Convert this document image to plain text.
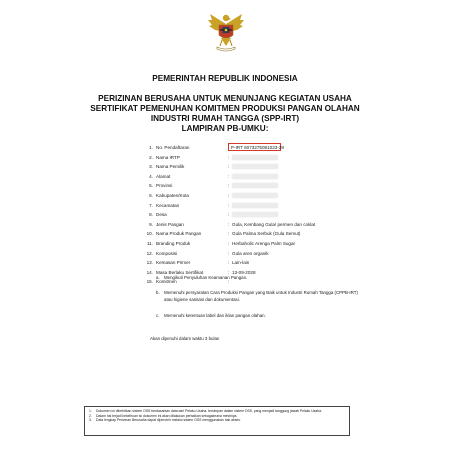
PEMERINTAH REPUBLIK INDONESIA
PERIZINAN BERUSAHA UNTUK MENUNJANG KEGIATAN USAHA
SERTIFIKAT PEMENUHAN KOMITMEN PRODUKSI PANGAN OLAHAN
INDUSTRI RUMAH TANGGA (SPP-IRT)
LAMPIRAN PB-UMKU:
1. No. Pendaftaran	: P-IRT 6073275081023-28
2. Nama IRTP	:
3. Nama Pemilik	:
4. Alamat	:
5. Provinsi	:
6. Kabupaten/Kota	:
7. Kecamatan	:
8. Desa	:
9. Jenis Pangan	: Gula, Kembang Gula/ permen dan coklat
10. Nama Produk Pangan	: Gula Palma Serbuk (Gula Semut)
11. Branding Produk	: Herbaholic Arenga Palm Sugar
12. Komposisi	: Gula aren organik
13. Kemasan Primer	: Lain-lain
14. Masa Berlaku Sertifikat	: 13-09-2028
15. Komitmen	:
a. Mengikuti Penyuluhan Keamanan Pangan.
b. Memenuhi persyaratan Cara Produksi Pangan yang Baik untuk Industri Rumah Tangga (CPPB-IRT) atau higiene sanitasi dan dokumentasi.
c. Memenuhi ketentuan label dan iklan pangan olahan.
Akan dipenuhi dalam waktu 3 bulan
1. Dokumen ini diterbitkan sistem OSS berdasarkan data dari Pelaku Usaha, tersimpan dalam sistem OSS, yang menjadi tanggung jawab Pelaku Usaha.
2. Dalam hal terjadi kekeliruan isi dokumen ini akan dilakukan perbaikan sebagaimana mestinya.
3. Data lengkap Perizinan Berusaha dapat diperoleh melalui sistem OSS menggunakan hak akses.
